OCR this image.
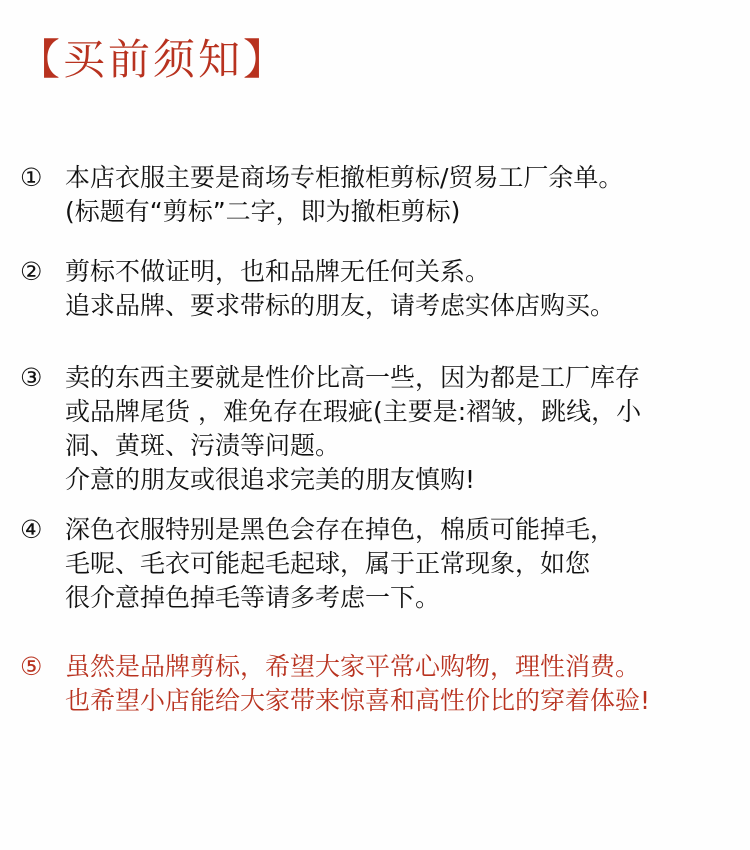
【买前须知】
① 本店衣服主要是商场专柜撤柜剪标/贸易工厂余单。
(标题有“剪标”二字，即为撤柜剪标)
② 剪标不做证明，也和品牌无任何关系。
追求品牌、要求带标的朋友，请考虑实体店购买。
③ 卖的东西主要就是性价比高一些，因为都是工厂库存
或品牌尾货 ，难免存在瑕疵(主要是:褶皱，跳线，小
洞、黄斑、污渍等问题。
介意的朋友或很追求完美的朋友慎购!
④ 深色衣服特别是黑色会存在掉色，棉质可能掉毛，
毛呢、毛衣可能起毛起球，属于正常现象，如您
很介意掉色掉毛等请多考虑一下。
⑤ 虽然是品牌剪标，希望大家平常心购物，理性消费。
也希望小店能给大家带来惊喜和高性价比的穿着体验!
